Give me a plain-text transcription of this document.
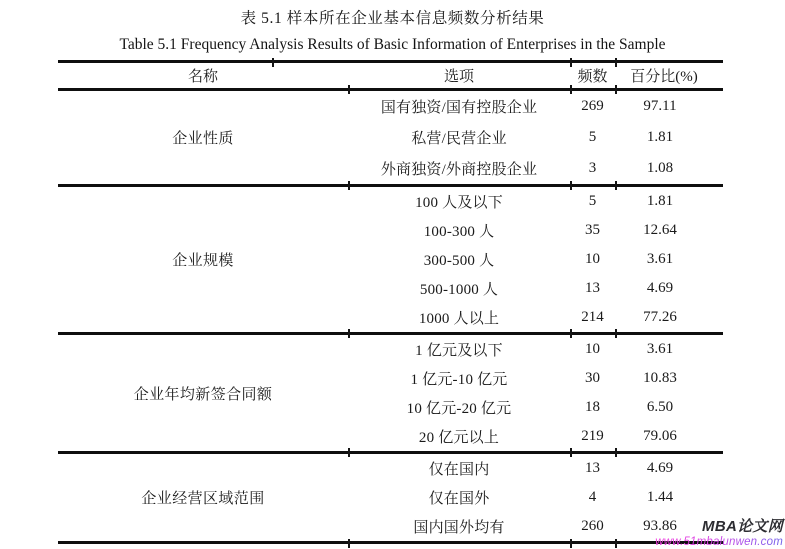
表 5.1 样本所在企业基本信息频数分析结果
Table 5.1 Frequency Analysis Results of Basic Information of Enterprises in the Sample
名称	选项	频数	百分比(%)
企业性质
国有独资/国有控股企业	269	97.11
私营/民营企业	5	1.81
外商独资/外商控股企业	3	1.08
企业规模
100 人及以下	5	1.81
100-300 人	35	12.64
300-500 人	10	3.61
500-1000 人	13	4.69
1000 人以上	214	77.26
企业年均新签合同额
1 亿元及以下	10	3.61
1 亿元-10 亿元	30	10.83
10 亿元-20 亿元	18	6.50
20 亿元以上	219	79.06
企业经营区域范围
仅在国内	13	4.69
仅在国外	4	1.44
国内国外均有	260	93.86	MBA论文网
www.51mbalunwen.com
